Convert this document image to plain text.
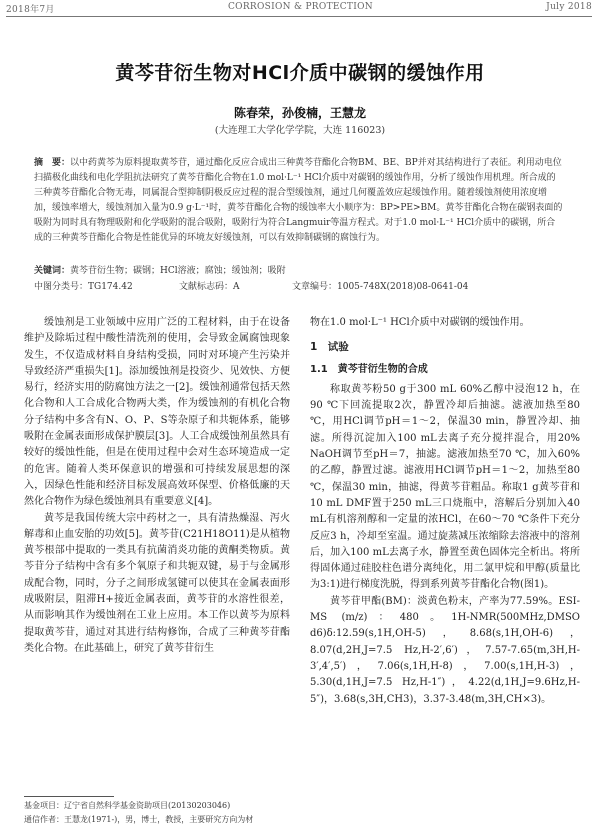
2018年7月	CORROSION & PROTECTION	July 2018
黄芩苷衍生物对HCl介质中碳钢的缓蚀作用
陈春荣，孙俊楠，王慧龙
(大连理工大学化学学院，大连 116023)
摘　要：以中药黄芩为原料提取黄芩苷，通过酯化反应合成出三种黄芩苷酯化合物BM、BE、BP并对其结构进行了表征。利用动电位扫描极化曲线和电化学阻抗法研究了黄芩苷酯化合物在1.0 mol·L⁻¹ HCl介质中对碳钢的缓蚀作用，分析了缓蚀作用机理。所合成的三种黄芩苷酯化合物无毒，同属混合型抑制阴极反应过程的混合型缓蚀剂，通过几何覆盖效应起缓蚀作用。随着缓蚀剂使用浓度增加，缓蚀率增大，缓蚀剂加入量为0.9 g·L⁻¹时，黄芩苷酯化合物的缓蚀率大小顺序为：BP>PE>BM。黄芩苷酯化合物在碳钢表面的吸附为同时具有物理吸附和化学吸附的混合吸附，吸附行为符合Langmuir等温方程式。对于1.0 mol·L⁻¹ HCl介质中的碳钢，所合成的三种黄芩苷酯化合物是性能优异的环境友好缓蚀剂，可以有效抑制碳钢的腐蚀行为。
关键词：黄芩苷衍生物；碳钢；HCl溶液；腐蚀；缓蚀剂；吸附
中图分类号：TG174.42	文献标志码：A	文章编号：1005-748X(2018)08-0641-04

缓蚀剂是工业领域中应用广泛的工程材料，由于在设备维护及除垢过程中酸性清洗剂的使用，会导致金属腐蚀现象发生，不仅造成材料自身结构受损，同时对环境产生污染并导致经济严重损失[1]。添加缓蚀剂是投资少、见效快、方便易行，经济实用的防腐蚀方法之一[2]。缓蚀剂通常包括天然化合物和人工合成化合物两大类，作为缓蚀剂的有机化合物分子结构中多含有N、O、P、S等杂原子和共轭体系，能够吸附在金属表面形成保护膜层[3]。人工合成缓蚀剂虽然具有较好的缓蚀性能，但是在使用过程中会对生态环境造成一定的危害。随着人类环保意识的增强和可持续发展思想的深入，因绿色性能和经济目标发展高效环保型、价格低廉的天然化合物作为绿色缓蚀剂具有重要意义[4]。

黄芩是我国传统大宗中药材之一，具有清热燥湿、泻火解毒和止血安胎的功效[5]。黄芩苷(C21H18O11)是从植物黄芩根部中提取的一类具有抗菌消炎功能的黄酮类物质。黄芩苷分子结构中含有多个氧原子和共轭双键，易于与金属形成配合物，同时，分子之间形成氢键可以使其在金属表面形成吸附层，阻滞H+接近金属表面，黄芩苷的水溶性很差，从而影响其作为缓蚀剂在工业上应用。本工作以黄芩为原料提取黄芩苷，通过对其进行结构修饰，合成了三种黄芩苷酯类化合物。在此基础上，研究了黄芩苷衍生

物在1.0 mol·L⁻¹ HCl介质中对碳钢的缓蚀作用。

1　试验
1.1　黄芩苷衍生物的合成

称取黄芩粉50 g于300 mL 60%乙醇中浸泡12 h，在90 ℃下回流提取2次，静置冷却后抽滤。滤液加热至80 ℃，用HCl调节pH＝1～2，保温30 min，静置冷却、抽滤。所得沉淀加入100 mL去离子充分搅拌混合，用20% NaOH调节至pH＝7，抽滤。滤液加热至70 ℃，加入60%的乙醇，静置过滤。滤液用HCl调节pH＝1～2，加热至80 ℃，保温30 min，抽滤，得黄芩苷粗品。称取1 g黄芩苷和10 mL DMF置于250 mL三口烧瓶中，溶解后分别加入40 mL有机溶剂醇和一定量的浓HCl，在60～70 ℃条件下充分反应3 h，冷却至室温。通过旋蒸减压浓缩除去溶液中的溶剂后，加入100 mL去离子水，静置至黄色固体完全析出。将所得固体通过硅胶柱色谱分离纯化，用二氯甲烷和甲醇(质量比为3:1)进行梯度洗脱，得到系列黄芩苷酯化合物(图1)。

黄芩苷甲酯(BM)：淡黄色粉末，产率为77.59%。ESI-MS (m/z)：480。1H-NMR(500MHz,DMSO d6)δ:12.59(s,1H,OH-5)，8.68(s,1H,OH-6)，8.07(d,2H,J=7.5 Hz,H-2′,6′)，7.57-7.65(m,3H,H-3′,4′,5′)，7.06(s,1H,H-8)，7.00(s,1H,H-3)，5.30(d,1H,J=7.5 Hz,H-1″)，4.22(d,1H,J=9.6Hz,H-5″)，3.68(s,3H,CH3)，3.37-3.48(m,3H,CH×3)。

基金项目：辽宁省自然科学基金资助项目(20130203046)
通信作者：王慧龙(1971-)，男，博士，教授，主要研究方向为材
